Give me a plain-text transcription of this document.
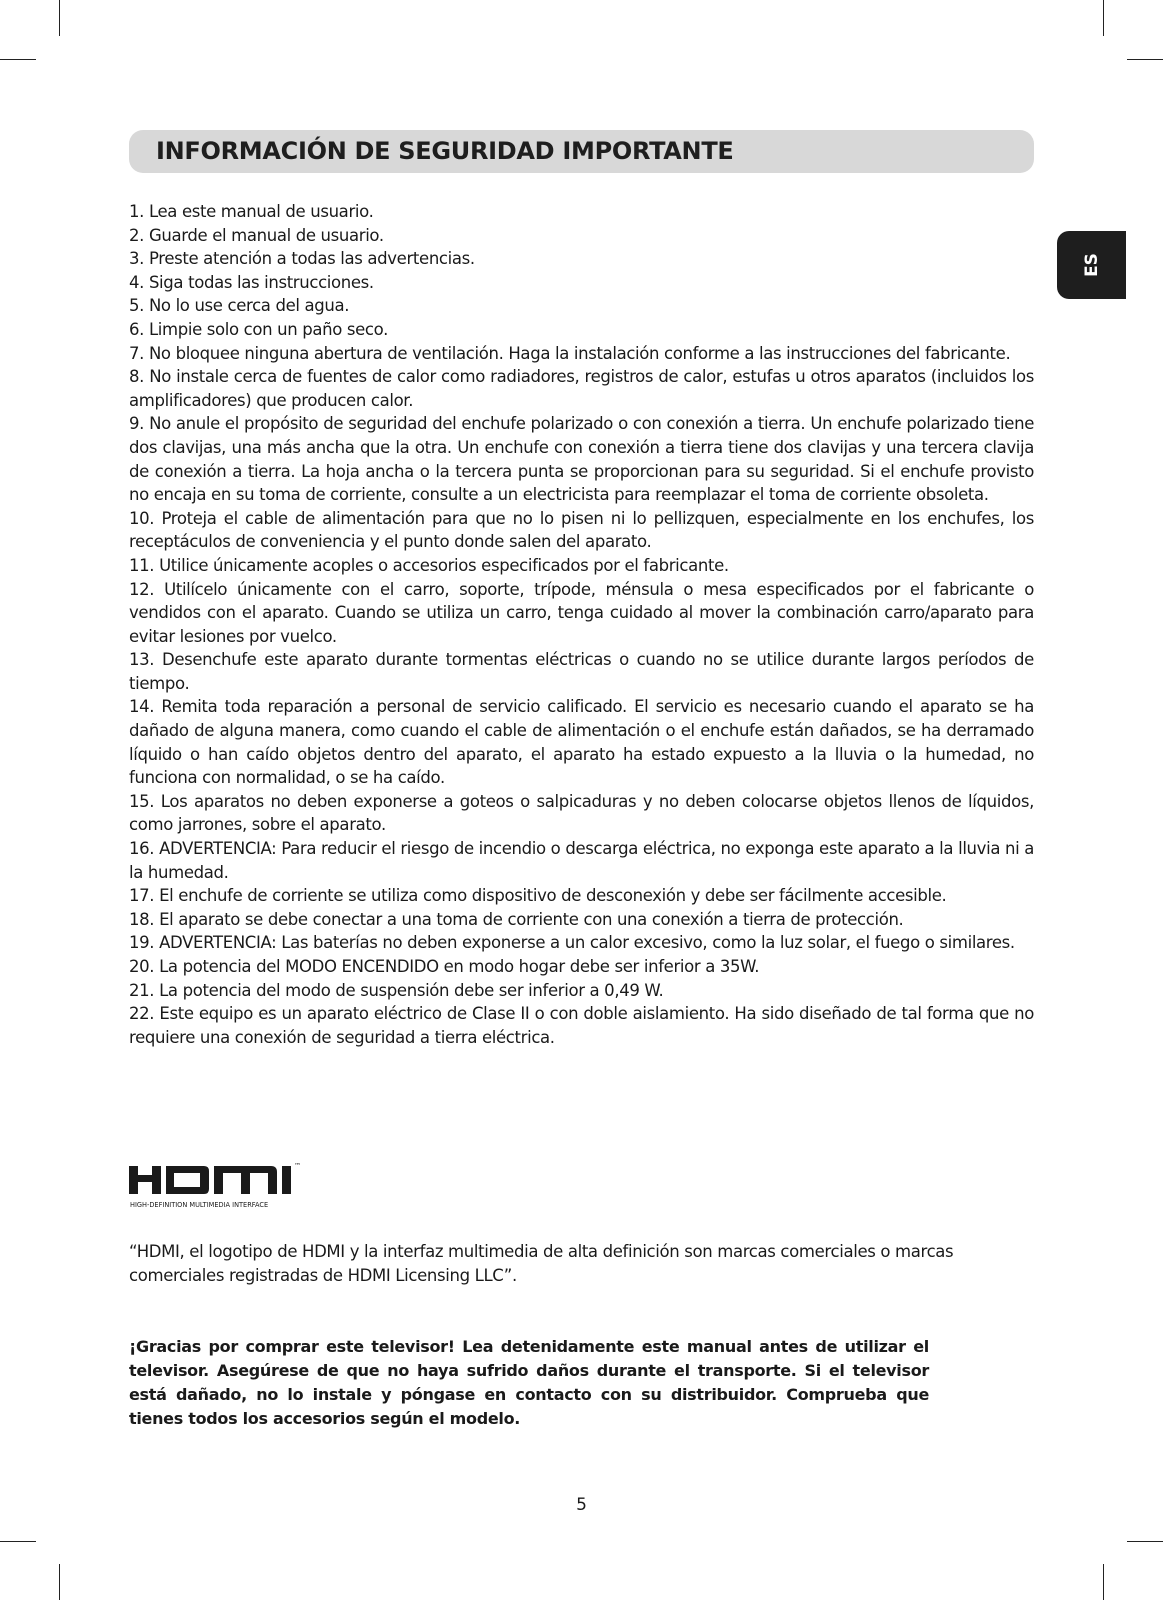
INFORMACIÓN DE SEGURIDAD IMPORTANTE
ES
1. Lea este manual de usuario.
2. Guarde el manual de usuario.
3. Preste atención a todas las advertencias.
4. Siga todas las instrucciones.
5. No lo use cerca del agua.
6. Limpie solo con un paño seco.
7. No bloquee ninguna abertura de ventilación. Haga la instalación conforme a las instrucciones del fabricante.
8. No instale cerca de fuentes de calor como radiadores, registros de calor, estufas u otros aparatos (incluidos los amplificadores) que producen calor.
9. No anule el propósito de seguridad del enchufe polarizado o con conexión a tierra. Un enchufe polarizado tiene dos clavijas, una más ancha que la otra. Un enchufe con conexión a tierra tiene dos clavijas y una tercera clavija de conexión a tierra. La hoja ancha o la tercera punta se proporcionan para su seguridad. Si el enchufe provisto no encaja en su toma de corriente, consulte a un electricista para reemplazar el toma de corriente obsoleta.
10. Proteja el cable de alimentación para que no lo pisen ni lo pellizquen, especialmente en los enchufes, los receptáculos de conveniencia y el punto donde salen del aparato.
11. Utilice únicamente acoples o accesorios especificados por el fabricante.
12. Utilícelo únicamente con el carro, soporte, trípode, ménsula o mesa especificados por el fabricante o vendidos con el aparato. Cuando se utiliza un carro, tenga cuidado al mover la combinación carro/aparato para evitar lesiones por vuelco.
13. Desenchufe este aparato durante tormentas eléctricas o cuando no se utilice durante largos períodos de tiempo.
14. Remita toda reparación a personal de servicio calificado. El servicio es necesario cuando el aparato se ha dañado de alguna manera, como cuando el cable de alimentación o el enchufe están dañados, se ha derramado líquido o han caído objetos dentro del aparato, el aparato ha estado expuesto a la lluvia o la humedad, no funciona con normalidad, o se ha caído.
15. Los aparatos no deben exponerse a goteos o salpicaduras y no deben colocarse objetos llenos de líquidos, como jarrones, sobre el aparato.
16. ADVERTENCIA: Para reducir el riesgo de incendio o descarga eléctrica, no exponga este aparato a la lluvia ni a la humedad.
17. El enchufe de corriente se utiliza como dispositivo de desconexión y debe ser fácilmente accesible.
18. El aparato se debe conectar a una toma de corriente con una conexión a tierra de protección.
19. ADVERTENCIA: Las baterías no deben exponerse a un calor excesivo, como la luz solar, el fuego o similares.
20. La potencia del MODO ENCENDIDO en modo hogar debe ser inferior a 35W.
21. La potencia del modo de suspensión debe ser inferior a 0,49 W.
22. Este equipo es un aparato eléctrico de Clase II o con doble aislamiento. Ha sido diseñado de tal forma que no requiere una conexión de seguridad a tierra eléctrica.
™
HIGH-DEFINITION MULTIMEDIA INTERFACE
“HDMI, el logotipo de HDMI y la interfaz multimedia de alta definición son marcas comerciales o marcas comerciales registradas de HDMI Licensing LLC”.
¡Gracias por comprar este televisor! Lea detenidamente este manual antes de utilizar el televisor. Asegúrese de que no haya sufrido daños durante el transporte. Si el televisor está dañado, no lo instale y póngase en contacto con su distribuidor. Comprueba que tienes todos los accesorios según el modelo.
5
